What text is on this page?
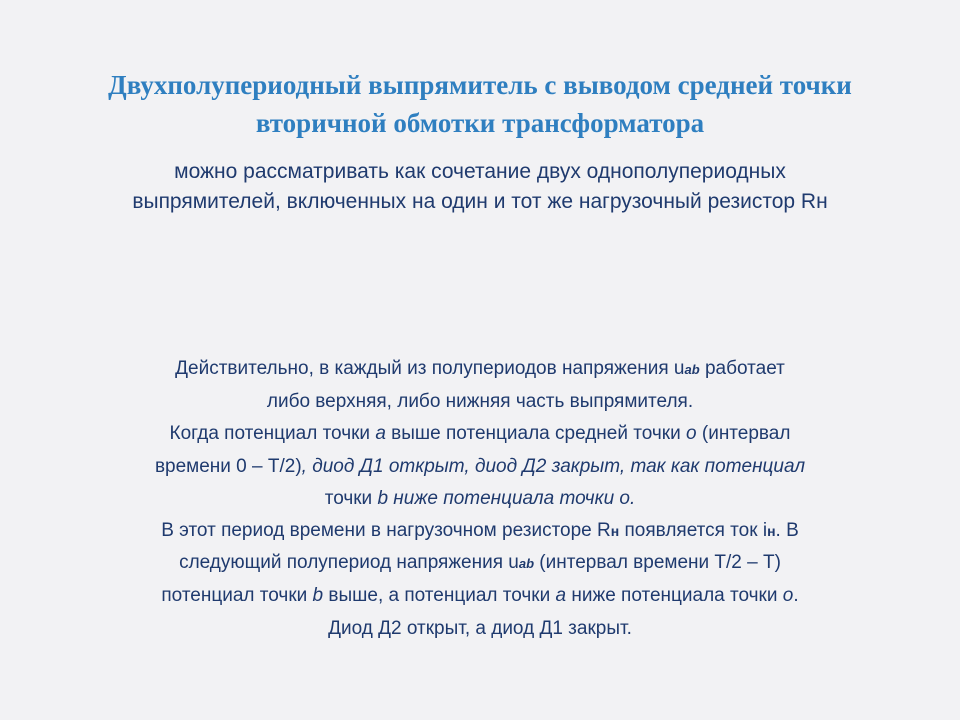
Двухполупериодный выпрямитель с выводом средней точки
вторичной обмотки трансформатора
можно рассматривать как сочетание двух однополупериодных
выпрямителей, включенных на один и тот же нагрузочный резистор Rн
Действительно, в каждый из полупериодов напряжения uab работает
либо верхняя, либо нижняя часть выпрямителя.
Когда потенциал точки а выше потенциала средней точки о (интервал
времени 0 – Т/2), диод Д1 открыт, диод Д2 закрыт, так как потенциал
точки b ниже потенциала точки о.
В этот период времени в нагрузочном резисторе Rн появляется ток iн. В
следующий полупериод напряжения uab (интервал времени Т/2 – Т)
потенциал точки b выше, а потенциал точки а ниже потенциала точки о.
Диод Д2 открыт, а диод Д1 закрыт.
